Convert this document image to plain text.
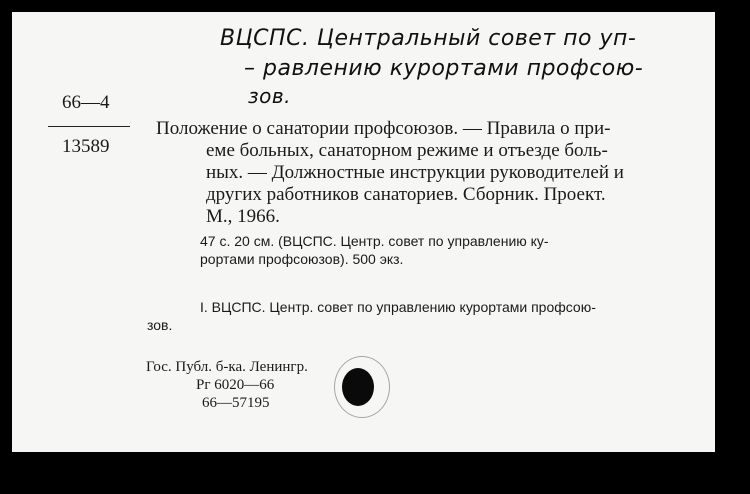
ВЦСПС. Центральный совет по уп-
– равлению курортами профсою-
зов.
66—4
13589
Положение о санатории профсоюзов. — Правила о при-
еме больных, санаторном режиме и отъезде боль-
ных. — Должностные инструкции руководителей и
других работников санаториев. Сборник. Проект.
М., 1966.
47 с. 20 см. (ВЦСПС. Центр. совет по управлению ку-
рортами профсоюзов). 500 экз.
I. ВЦСПС. Центр. совет по управлению курортами профсою-
зов.
Гос. Публ. б-ка. Ленингр.
Рг 6020—66
66—57195
